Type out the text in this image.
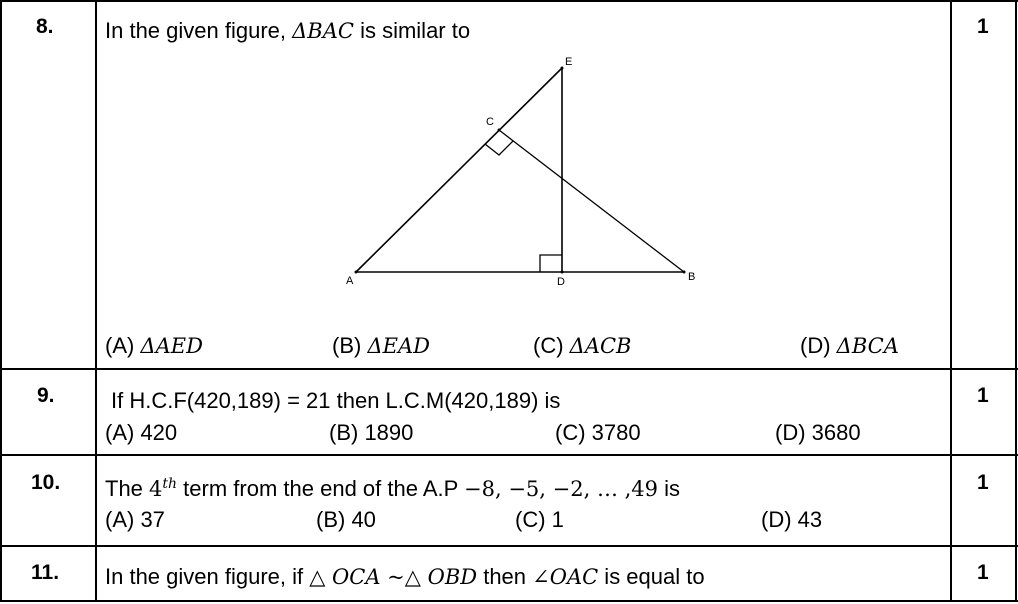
8. In the given figure, ΔBAC is similar to	1
A	B
C
D
E
(A) ΔAED	(B) ΔEAD	(C) ΔACB	(D) ΔBCA
9.	If H.C.F(420,189) = 21 then L.C.M(420,189) is	1
(A) 420	(B) 1890	(C) 3780	(D) 3680
10. The 4th term from the end of the A.P −8, −5, −2, … ,49 is	1
(A) 37	(B) 40	(C) 1	(D) 43
11. In the given figure, if △ OCA ~△ OBD then ∠OAC is equal to	1
